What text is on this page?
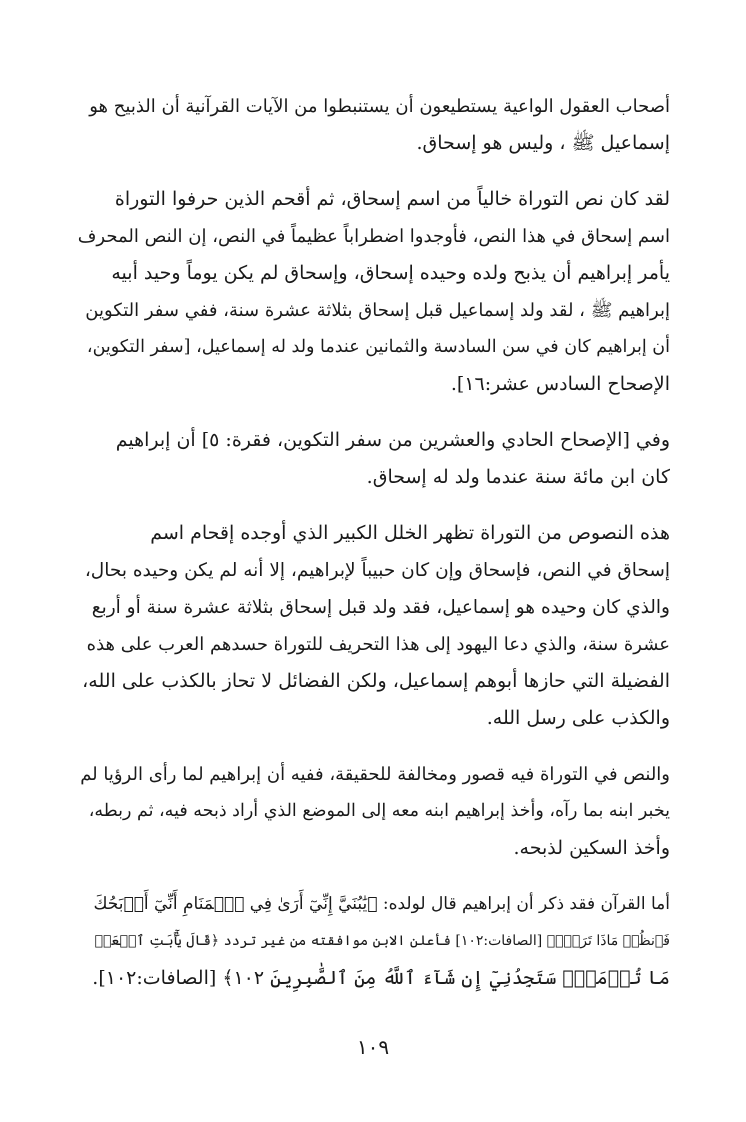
أصحاب العقول الواعية يستطيعون أن يستنبطوا من الآيات القرآنية أن الذبيح هو
إسماعيل ﷺ ، وليس هو إسحاق.

لقد كان نص التوراة خالياً من اسم إسحاق، ثم أقحم الذين حرفوا التوراة
اسم إسحاق في هذا النص، فأوجدوا اضطراباً عظيماً في النص، إن النص المحرف
يأمر إبراهيم أن يذبح ولده وحيده إسحاق، وإسحاق لم يكن يوماً وحيد أبيه
إبراهيم ﷺ ، لقد ولد إسماعيل قبل إسحاق بثلاثة عشرة سنة، ففي سفر التكوين
أن إبراهيم كان في سن السادسة والثمانين عندما ولد له إسماعيل، [سفر التكوين،
الإصحاح السادس عشر:١٦].

وفي [الإصحاح الحادي والعشرين من سفر التكوين، فقرة: ٥] أن إبراهيم
كان ابن مائة سنة عندما ولد له إسحاق.

هذه النصوص من التوراة تظهر الخلل الكبير الذي أوجده إقحام اسم
إسحاق في النص، فإسحاق وإن كان حبيباً لإبراهيم، إلا أنه لم يكن وحيده بحال،
والذي كان وحيده هو إسماعيل، فقد ولد قبل إسحاق بثلاثة عشرة سنة أو أربع
عشرة سنة، والذي دعا اليهود إلى هذا التحريف للتوراة حسدهم العرب على هذه
الفضيلة التي حازها أبوهم إسماعيل، ولكن الفضائل لا تحاز بالكذب على الله،
والكذب على رسل الله.

والنص في التوراة فيه قصور ومخالفة للحقيقة، ففيه أن إبراهيم لما رأى الرؤيا لم
يخبر ابنه بما رآه، وأخذ إبراهيم ابنه معه إلى الموضع الذي أراد ذبحه فيه، ثم ربطه،
وأخذ السكين لذبحه.

أما القرآن فقد ذكر أن إبراهيم قال لولده: ﴿يَٰبُنَيَّ إِنِّيٓ أَرَىٰ فِي ٱلۡمَنَامِ أَنِّيٓ أَذۡبَحُكَ
فَٱنظُرۡ مَاذَا تَرَىٰۚ﴾ [الصافات:١٠٢] فأعلن الابن موافقته من غير تردد ﴿قَالَ يَٰٓأَبَتِ ٱفۡعَلۡ
مَا تُؤۡمَرُۖ سَتَجِدُنِيٓ إِن شَآءَ ٱللَّهُ مِنَ ٱلصَّٰبِرِينَ ١٠٢﴾ [الصافات:١٠٢].

١٠٩
